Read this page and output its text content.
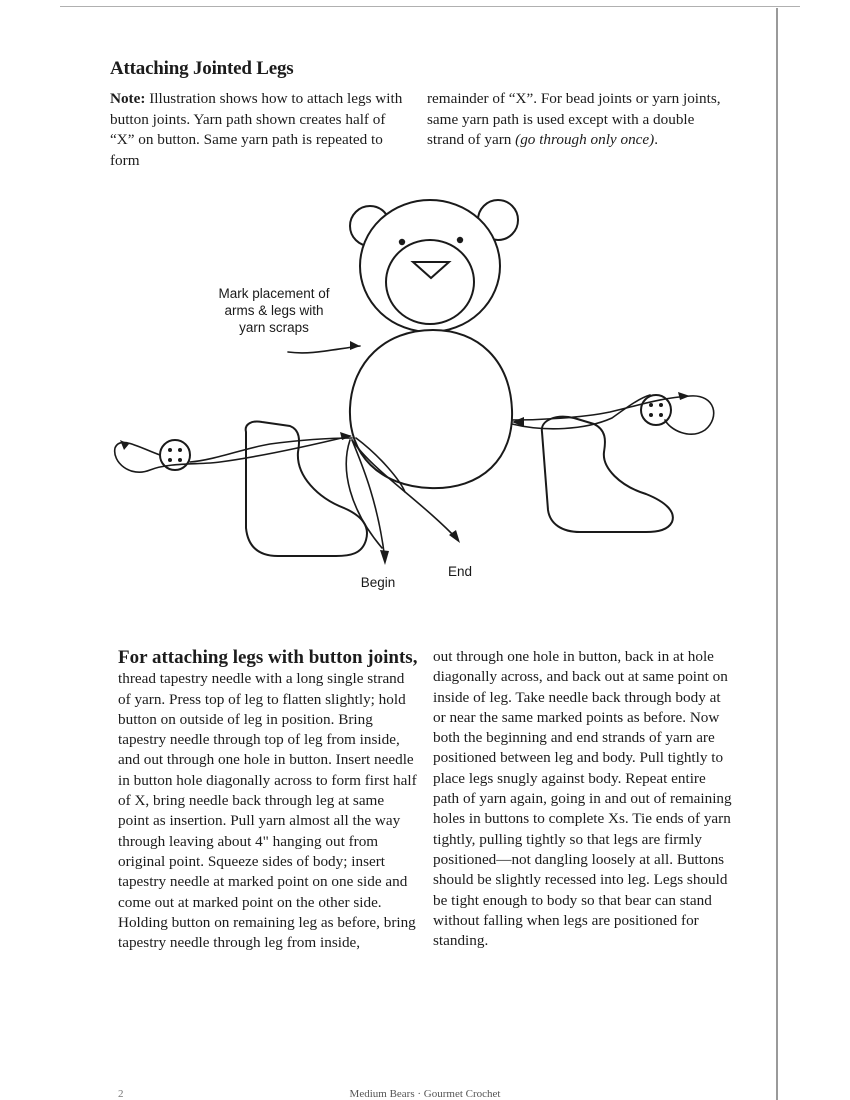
Attaching Jointed Legs
Note: Illustration shows how to attach legs with button joints. Yarn path shown creates half of “X” on button. Same yarn path is repeated to form
remainder of “X”. For bead joints or yarn joints, same yarn path is used except with a double strand of yarn (go through only once).
Mark placement of
arms & legs with
yarn scraps
Begin
End
For attaching legs with button joints, thread tapestry needle with a long single strand of yarn. Press top of leg to flatten slightly; hold button on outside of leg in position. Bring tapestry needle through top of leg from inside, and out through one hole in button. Insert needle in button hole diagonally across to form first half of X, bring needle back through leg at same point as insertion. Pull yarn almost all the way through leaving about 4" hanging out from original point. Squeeze sides of body; insert tapestry needle at marked point on one side and come out at marked point on the other side. Holding button on remaining leg as before, bring tapestry needle through leg from inside,
out through one hole in button, back in at hole diagonally across, and back out at same point on inside of leg. Take needle back through body at or near the same marked points as before. Now both the beginning and end strands of yarn are positioned between leg and body. Pull tightly to place legs snugly against body. Repeat entire path of yarn again, going in and out of remaining holes in buttons to complete Xs. Tie ends of yarn tightly, pulling tightly so that legs are firmly positioned—not dangling loosely at all. Buttons should be slightly recessed into leg. Legs should be tight enough to body so that bear can stand without falling when legs are positioned for standing.
2	Medium Bears · Gourmet Crochet
